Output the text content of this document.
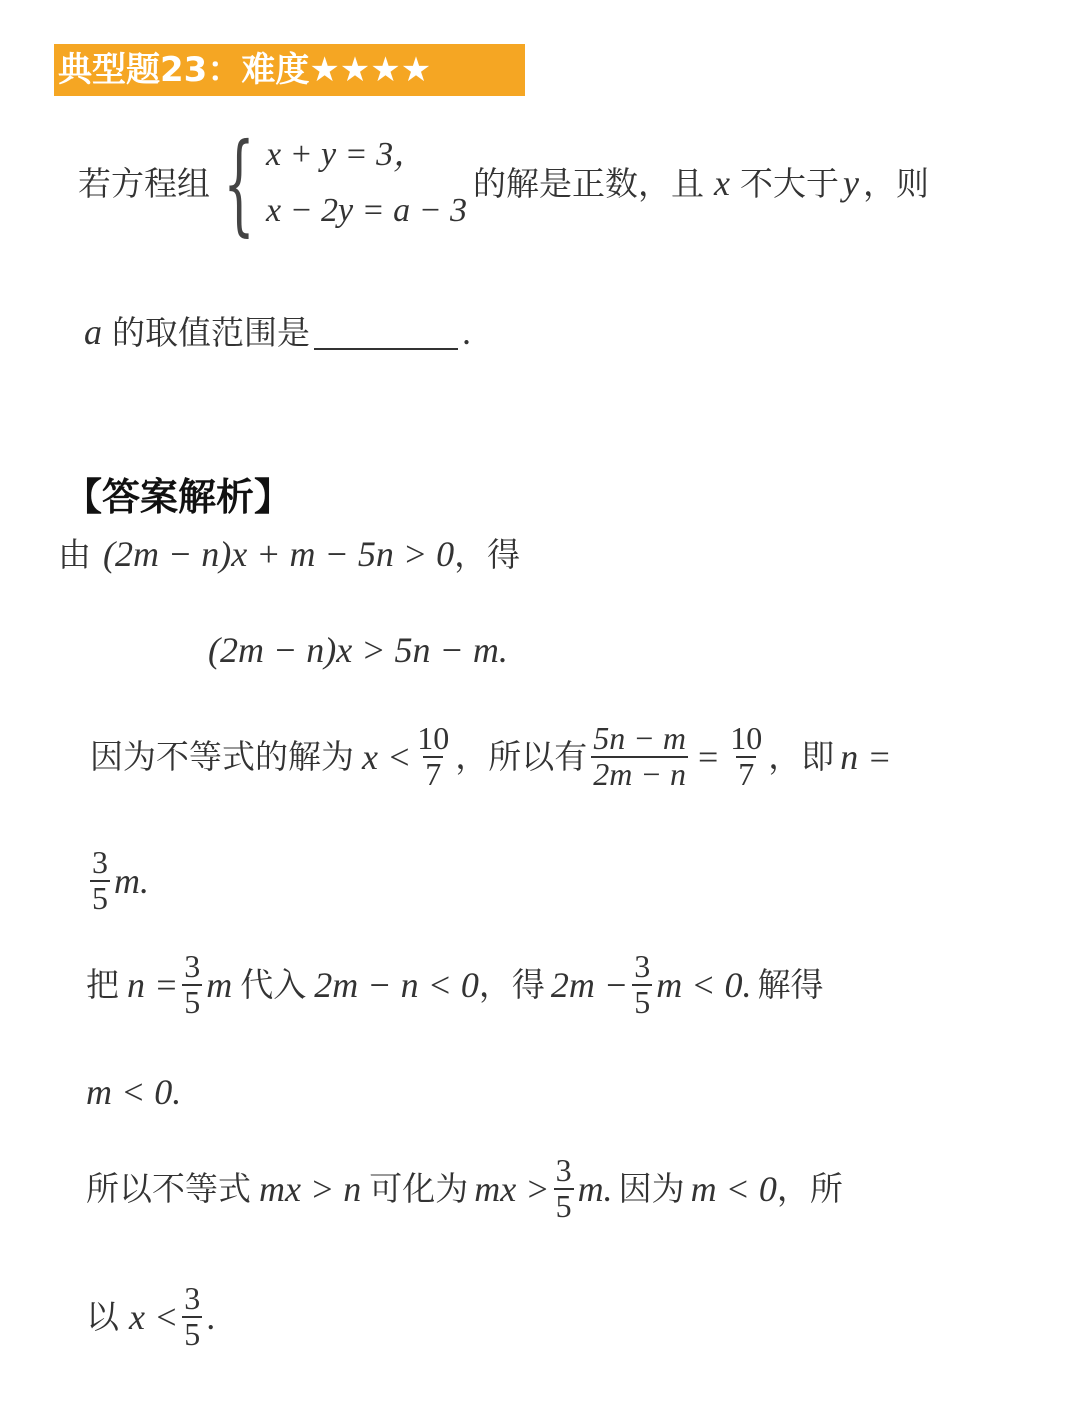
典型题23：难度★★★★
若方程组 { x + y = 3，
x − 2y = a − 3
的解是正数，且 x 不大于 y ，则
a 的取值范围是	.
【答案解析】
由 (2m − n)x + m − 5n > 0 ，得
(2m − n)x > 5n − m.
因为不等式的解为 $x < \frac{10}{7}$ ，所以有 $\frac{5n - m}{2m - n} = \frac{10}{7}$ ，即 n =
$\frac{3}{5} m$.
把 $n = \frac{3}{5}$ m 代入 2m − n < 0 ，得 $2m - \frac{3}{5}$ m < 0. 解得
m < 0.
所以不等式 mx > n 可化为 mx > $\frac{3}{5} m$. 因为 m < 0 ，所
以 $x < \frac{3}{5}$ .
